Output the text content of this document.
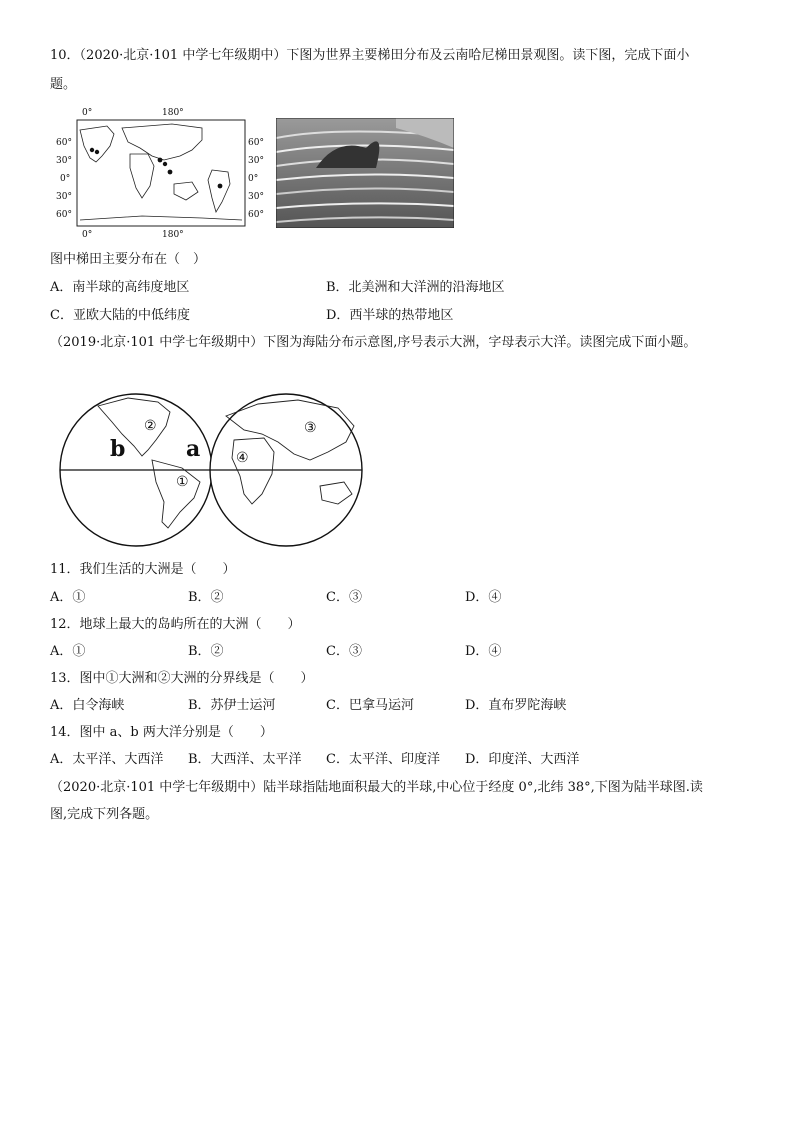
10．（2020·北京·101 中学七年级期中）下图为世界主要梯田分布及云南哈尼梯田景观图。读下图，完成下面小
题。
0°	180°
0°	180°
60°
30°
0°
30°
60°
60°
30°
0°
30°
60°
图中梯田主要分布在（　）
A．南半球的高纬度地区	B．北美洲和大洋洲的沿海地区
C．亚欧大陆的中低纬度	D．西半球的热带地区
（2019·北京·101 中学七年级期中）下图为海陆分布示意图,序号表示大洲，字母表示大洋。读图完成下面小题。
b	a
②
①
③
④
11．我们生活的大洲是（　　）
A．①	B．②	C．③	D．④
12．地球上最大的岛屿所在的大洲（　　）
A．①	B．②	C．③	D．④
13．图中①大洲和②大洲的分界线是（　　）
A．白令海峡	B．苏伊士运河	C．巴拿马运河	D．直布罗陀海峡
14．图中 a、b 两大洋分别是（　　）
A．太平洋、大西洋 B．大西洋、太平洋 C．太平洋、印度洋 D．印度洋、大西洋
（2020·北京·101 中学七年级期中）陆半球指陆地面积最大的半球,中心位于经度 0°,北纬 38°,下图为陆半球图.读
图,完成下列各题。
